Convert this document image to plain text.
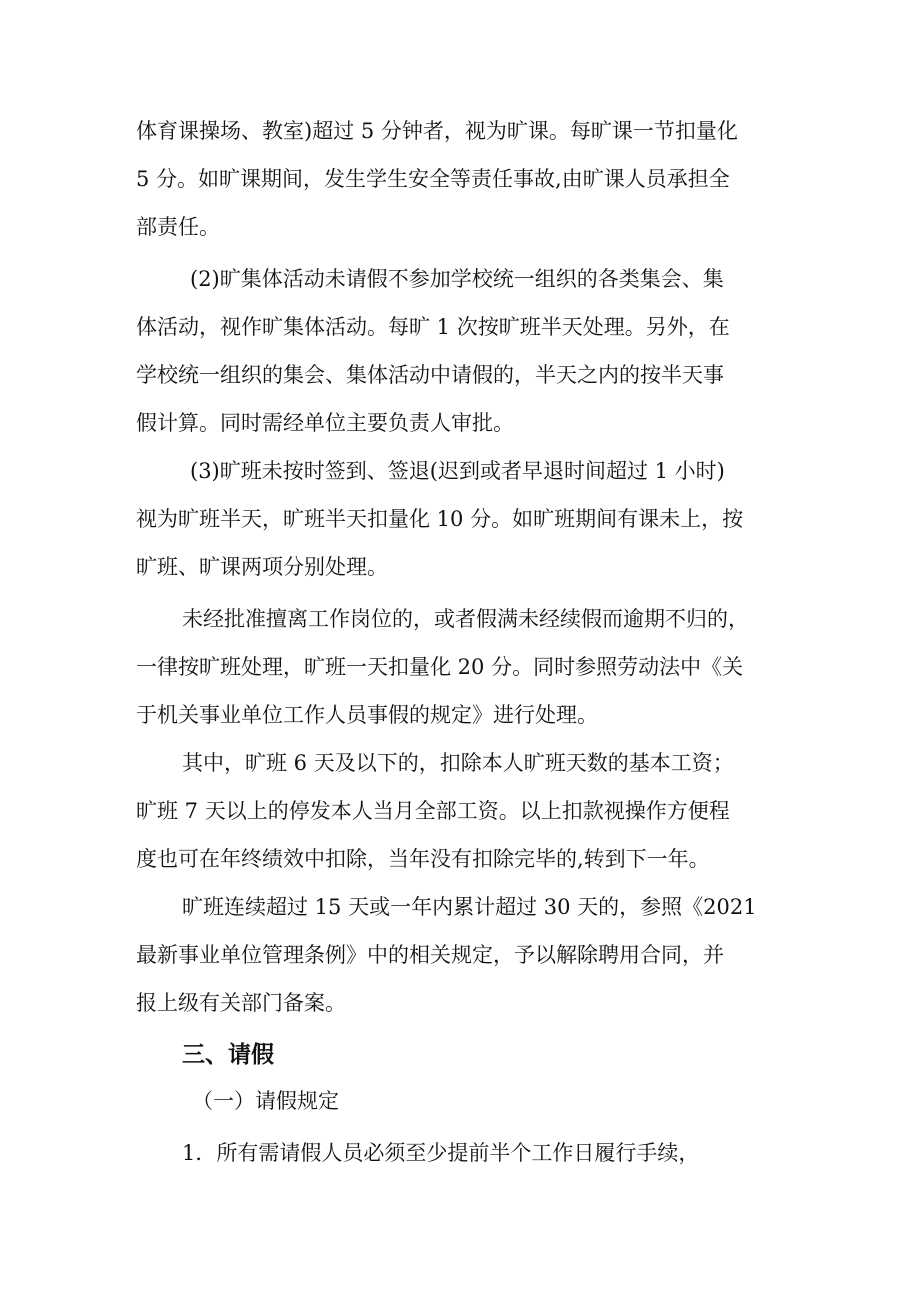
体育课操场、教室)超过 5 分钟者，视为旷课。每旷课一节扣量化
5 分。如旷课期间，发生学生安全等责任事故,由旷课人员承担全
部责任。
(2)旷集体活动未请假不参加学校统一组织的各类集会、集
体活动，视作旷集体活动。每旷 1 次按旷班半天处理。另外，在
学校统一组织的集会、集体活动中请假的，半天之内的按半天事
假计算。同时需经单位主要负责人审批。
(3)旷班未按时签到、签退(迟到或者早退时间超过 1 小时)
视为旷班半天，旷班半天扣量化 10 分。如旷班期间有课未上，按
旷班、旷课两项分别处理。
未经批准擅离工作岗位的，或者假满未经续假而逾期不归的，
一律按旷班处理，旷班一天扣量化 20 分。同时参照劳动法中《关
于机关事业单位工作人员事假的规定》进行处理。
其中，旷班 6 天及以下的，扣除本人旷班天数的基本工资；
旷班 7 天以上的停发本人当月全部工资。以上扣款视操作方便程
度也可在年终绩效中扣除，当年没有扣除完毕的,转到下一年。
旷班连续超过 15 天或一年内累计超过 30 天的，参照《2021
最新事业单位管理条例》中的相关规定，予以解除聘用合同，并
报上级有关部门备案。
三、请假
（一）请假规定
1．所有需请假人员必须至少提前半个工作日履行手续，
